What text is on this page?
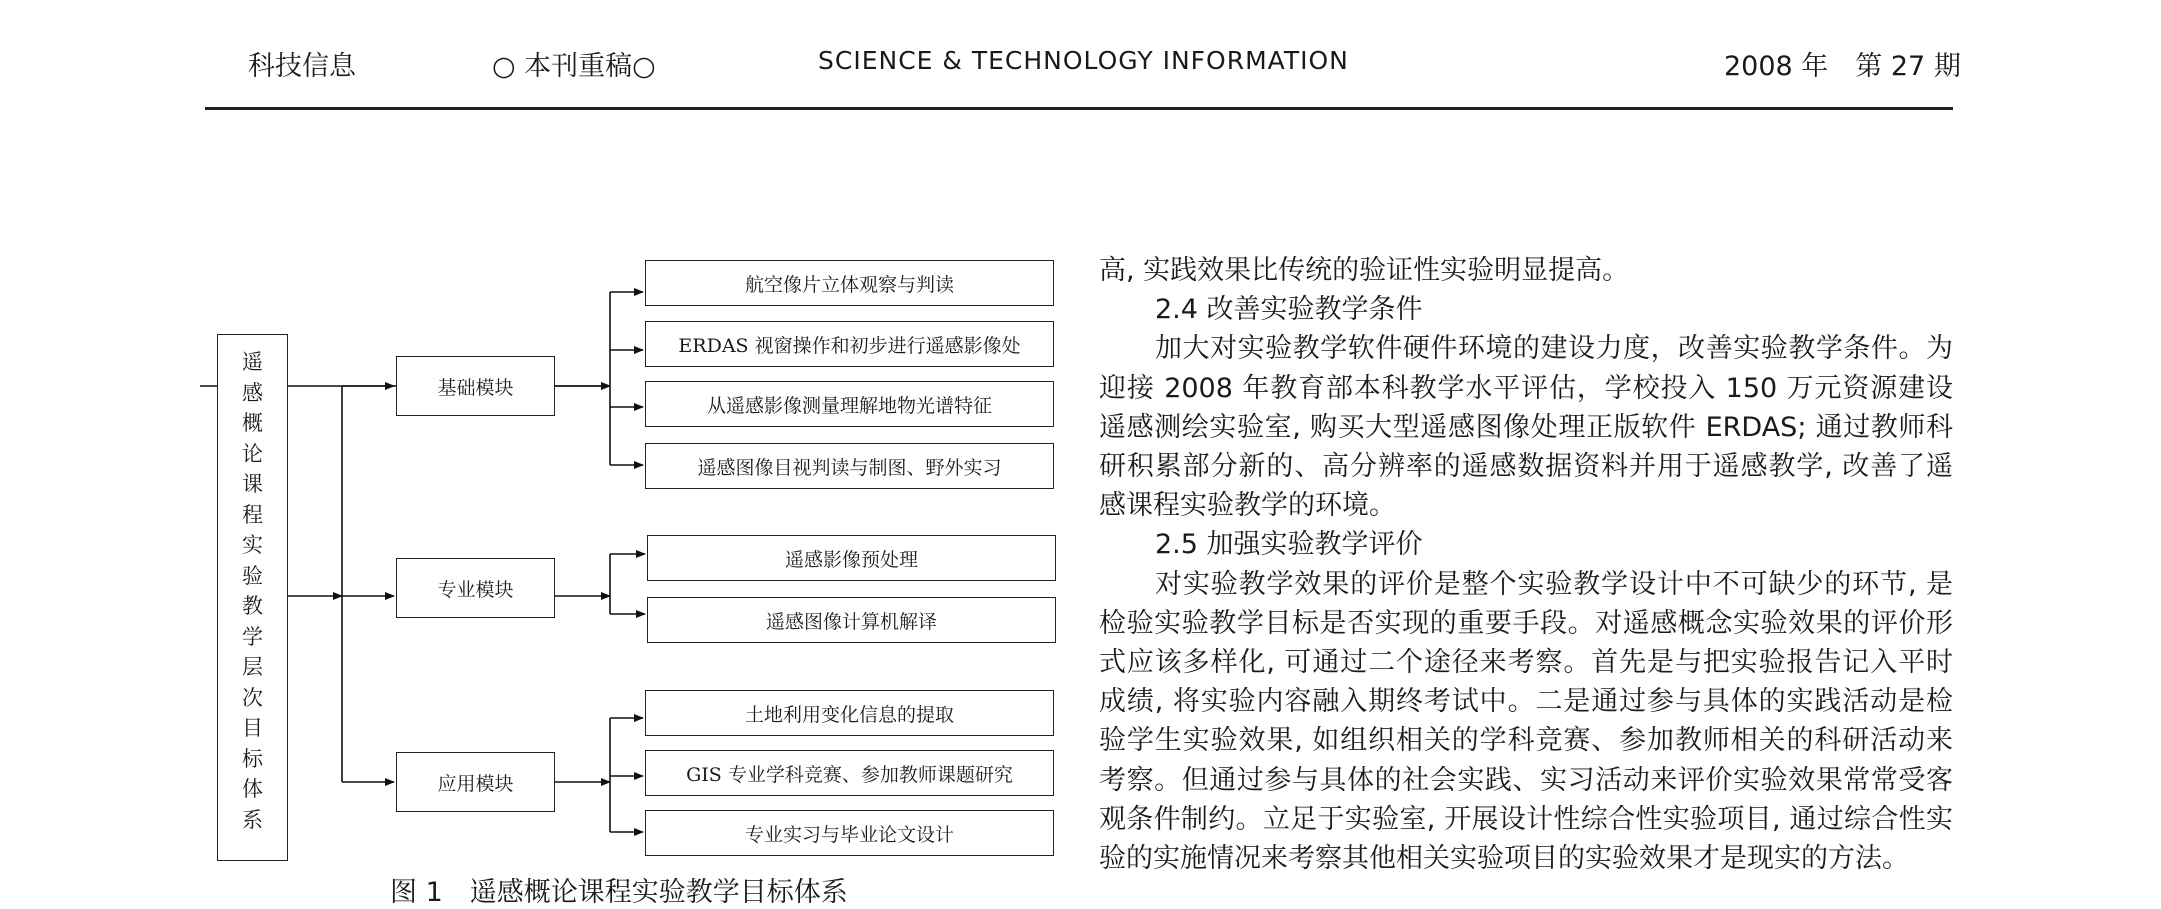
科技信息	○ 本刊重稿○	SCIENCE & TECHNOLOGY INFORMATION	2008 年　第 27 期
遥
感
概
论
课
程
实
验
教
学
层
次
目
标
体
系
基础模块
专业模块
应用模块
航空像片立体观察与判读
ERDAS 视窗操作和初步进行遥感影像处
从遥感影像测量理解地物光谱特征
遥感图像目视判读与制图、野外实习
遥感影像预处理
遥感图像计算机解译
土地利用变化信息的提取
GIS 专业学科竞赛、参加教师课题研究
专业实习与毕业论文设计
图 1　遥感概论课程实验教学目标体系

高, 实践效果比传统的验证性实验明显提高。

2.4 改善实验教学条件

加大对实验教学软件硬件环境的建设力度，改善实验教学条件。为迎接 2008 年教育部本科教学水平评估，学校投入 150 万元资源建设遥感测绘实验室, 购买大型遥感图像处理正版软件 ERDAS; 通过教师科研积累部分新的、高分辨率的遥感数据资料并用于遥感教学, 改善了遥感课程实验教学的环境。

2.5 加强实验教学评价

对实验教学效果的评价是整个实验教学设计中不可缺少的环节, 是检验实验教学目标是否实现的重要手段。对遥感概念实验效果的评价形式应该多样化, 可通过二个途径来考察。首先是与把实验报告记入平时成绩, 将实验内容融入期终考试中。二是通过参与具体的实践活动是检验学生实验效果, 如组织相关的学科竞赛、参加教师相关的科研活动来考察。但通过参与具体的社会实践、实习活动来评价实验效果常常受客观条件制约。立足于实验室, 开展设计性综合性实验项目, 通过综合性实验的实施情况来考察其他相关实验项目的实验效果才是现实的方法。
